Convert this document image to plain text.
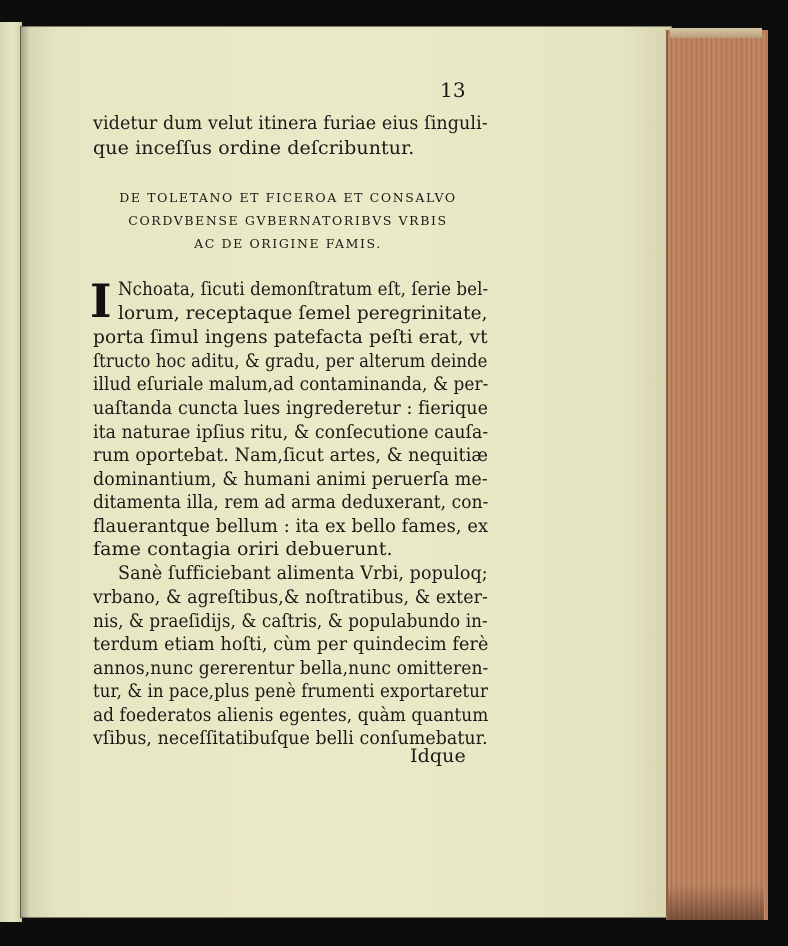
13

videtur dum velut itinera furiae eius ſinguli-

que inceſſus ordine deſcribuntur.

DE TOLETANO ET FICEROA ET CONSALVO

CORDVBENSE GVBERNATORIBVS VRBIS

AC DE ORIGINE FAMIS.

I Nchoata, ſicuti demonſtratum eſt, ſerie bel-

lorum, receptaque ſemel peregrinitate,

porta ſimul ingens patefacta peſti erat, vt

ſtructo hoc aditu, & gradu, per alterum deinde

illud eſuriale malum,ad contaminanda, & per-

uaſtanda cuncta lues ingrederetur : fierique

ita naturae ipſius ritu, & conſecutione cauſa-

rum oportebat. Nam,ſicut artes, & nequitiæ

dominantium, & humani animi peruerſa me-

ditamenta illa, rem ad arma deduxerant, con-

flauerantque bellum : ita ex bello fames, ex

fame contagia oriri debuerunt.

Sanè ſufficiebant alimenta Vrbi, populoq;

vrbano, & agreſtibus,& noſtratibus, & exter-

nis, & praeſidijs, & caſtris, & populabundo in-

terdum etiam hoſti, cùm per quindecim ferè

annos,nunc gererentur bella,nunc omitteren-

tur, & in pace,plus penè frumenti exportaretur

ad foederatos alienis egentes, quàm quantum

vſibus, neceſſitatibuſque belli conſumebatur.

Idque
